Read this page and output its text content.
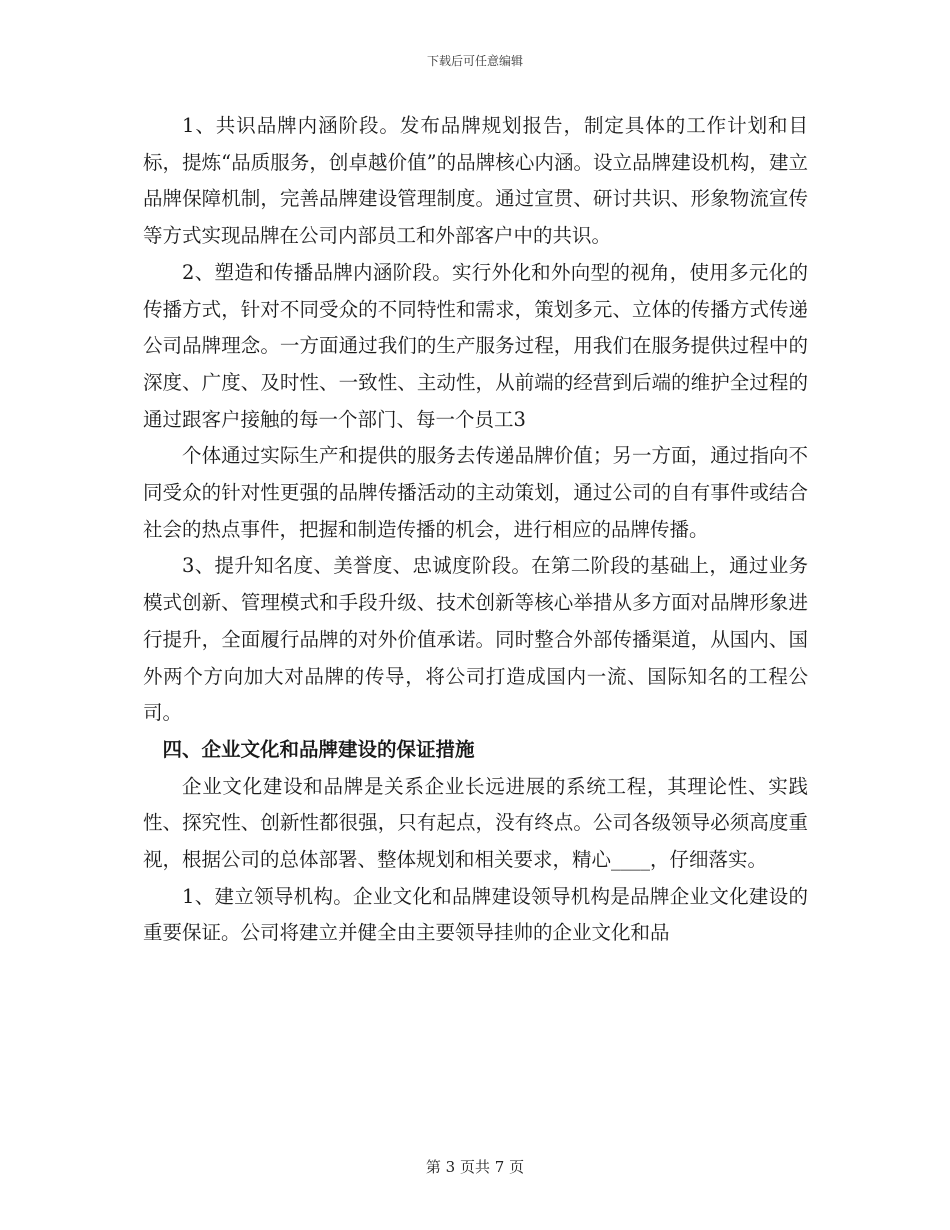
下载后可任意编辑

1、共识品牌内涵阶段。发布品牌规划报告，制定具体的工作计划和目标，提炼“品质服务，创卓越价值”的品牌核心内涵。设立品牌建设机构，建立品牌保障机制，完善品牌建设管理制度。通过宣贯、研讨共识、形象物流宣传等方式实现品牌在公司内部员工和外部客户中的共识。

2、塑造和传播品牌内涵阶段。实行外化和外向型的视角，使用多元化的传播方式，针对不同受众的不同特性和需求，策划多元、立体的传播方式传递公司品牌理念。一方面通过我们的生产服务过程，用我们在服务提供过程中的深度、广度、及时性、一致性、主动性，从前端的经营到后端的维护全过程的通过跟客户接触的每一个部门、每一个员工3

个体通过实际生产和提供的服务去传递品牌价值；另一方面，通过指向不同受众的针对性更强的品牌传播活动的主动策划，通过公司的自有事件或结合社会的热点事件，把握和制造传播的机会，进行相应的品牌传播。

3、提升知名度、美誉度、忠诚度阶段。在第二阶段的基础上，通过业务模式创新、管理模式和手段升级、技术创新等核心举措从多方面对品牌形象进行提升，全面履行品牌的对外价值承诺。同时整合外部传播渠道，从国内、国外两个方向加大对品牌的传导，将公司打造成国内一流、国际知名的工程公司。

四、企业文化和品牌建设的保证措施

企业文化建设和品牌是关系企业长远进展的系统工程，其理论性、实践性、探究性、创新性都很强，只有起点，没有终点。公司各级领导必须高度重视，根据公司的总体部署、整体规划和相关要求，精心____，仔细落实。

1、建立领导机构。企业文化和品牌建设领导机构是品牌企业文化建设的重要保证。公司将建立并健全由主要领导挂帅的企业文化和品

第 3 页共 7 页
